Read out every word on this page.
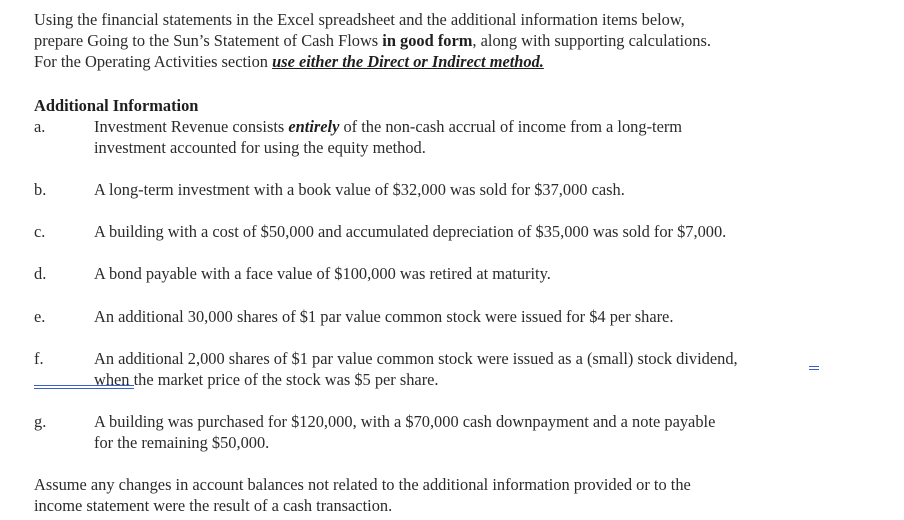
Using the financial statements in the Excel spreadsheet and the additional information items below,
prepare Going to the Sun’s Statement of Cash Flows in good form, along with supporting calculations.
For the Operating Activities section use either the Direct or Indirect method.
Additional Information
a.	Investment Revenue consists entirely of the non-cash accrual of income from a long-term
investment accounted for using the equity method.
b.	A long-term investment with a book value of $32,000 was sold for $37,000 cash.
c.	A building with a cost of $50,000 and accumulated depreciation of $35,000 was sold for $7,000.
d.	A bond payable with a face value of $100,000 was retired at maturity.
e.	An additional 30,000 shares of $1 par value common stock were issued for $4 per share.
f.	An additional 2,000 shares of $1 par value common stock were issued as a (small) stock dividend,
when the market price of the stock was $5 per share.
g.	A building was purchased for $120,000, with a $70,000 cash downpayment and a note payable
for the remaining $50,000.
Assume any changes in account balances not related to the additional information provided or to the
income statement were the result of a cash transaction.
